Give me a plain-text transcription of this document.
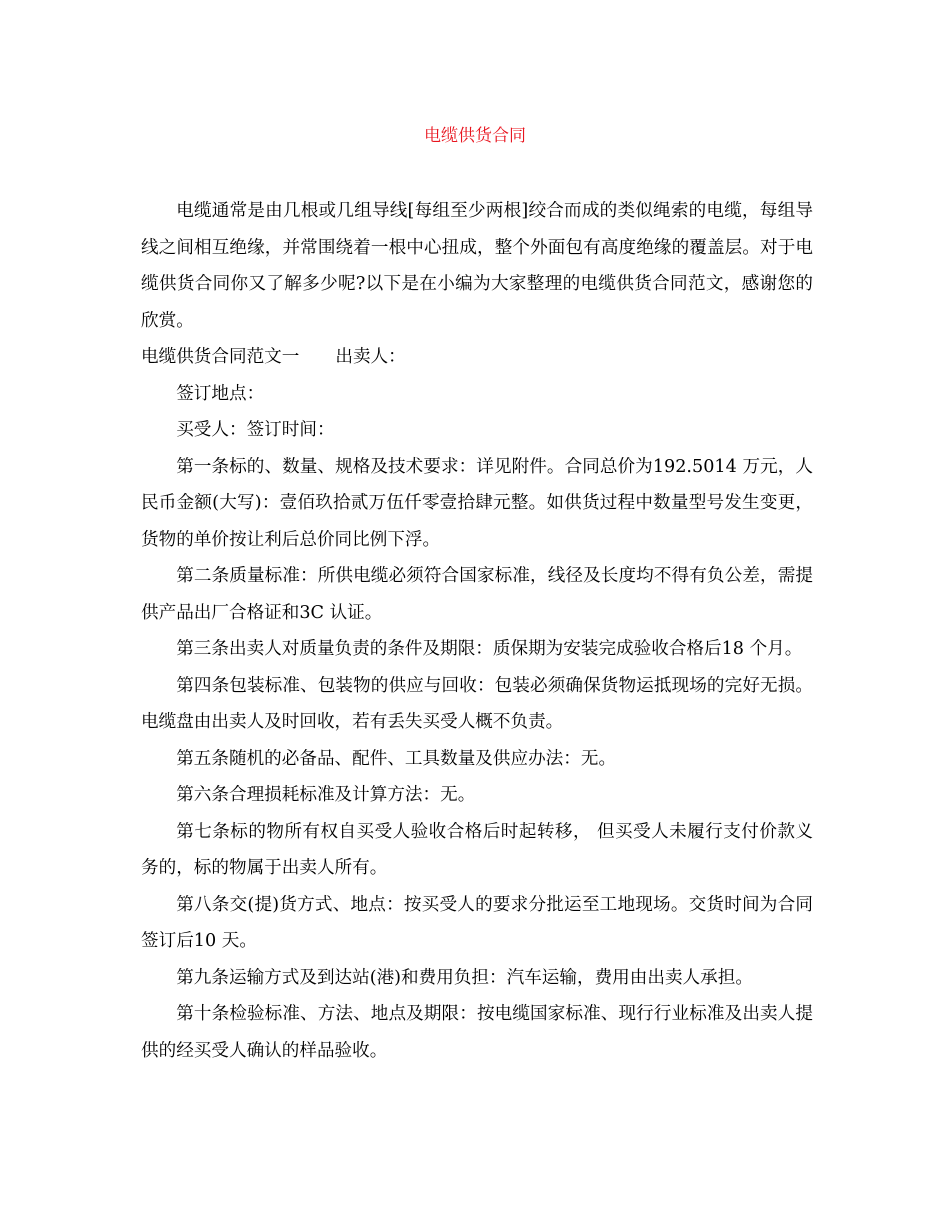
电缆供货合同

电缆通常是由几根或几组导线[每组至少两根]绞合而成的类似绳索的电缆，每组导线之间相互绝缘，并常围绕着一根中心扭成，整个外面包有高度绝缘的覆盖层。对于电缆供货合同你又了解多少呢?以下是在小编为大家整理的电缆供货合同范文，感谢您的欣赏。

电缆供货合同范文一 出卖人：

签订地点：

买受人：签订时间：

第一条标的、数量、规格及技术要求：详见附件。合同总价为192.5014 万元，人民币金额(大写)：壹佰玖拾贰万伍仟零壹拾肆元整。如供货过程中数量型号发生变更，货物的单价按让利后总价同比例下浮。

第二条质量标准：所供电缆必须符合国家标准，线径及长度均不得有负公差，需提供产品出厂合格证和3C 认证。

第三条出卖人对质量负责的条件及期限：质保期为安装完成验收合格后18 个月。

第四条包装标准、包装物的供应与回收：包装必须确保货物运抵现场的完好无损。电缆盘由出卖人及时回收，若有丢失买受人概不负责。

第五条随机的必备品、配件、工具数量及供应办法：无。

第六条合理损耗标准及计算方法：无。

第七条标的物所有权自买受人验收合格后时起转移， 但买受人未履行支付价款义务的，标的物属于出卖人所有。

第八条交(提)货方式、地点：按买受人的要求分批运至工地现场。交货时间为合同签订后10 天。

第九条运输方式及到达站(港)和费用负担：汽车运输，费用由出卖人承担。

第十条检验标准、方法、地点及期限：按电缆国家标准、现行行业标准及出卖人提供的经买受人确认的样品验收。
